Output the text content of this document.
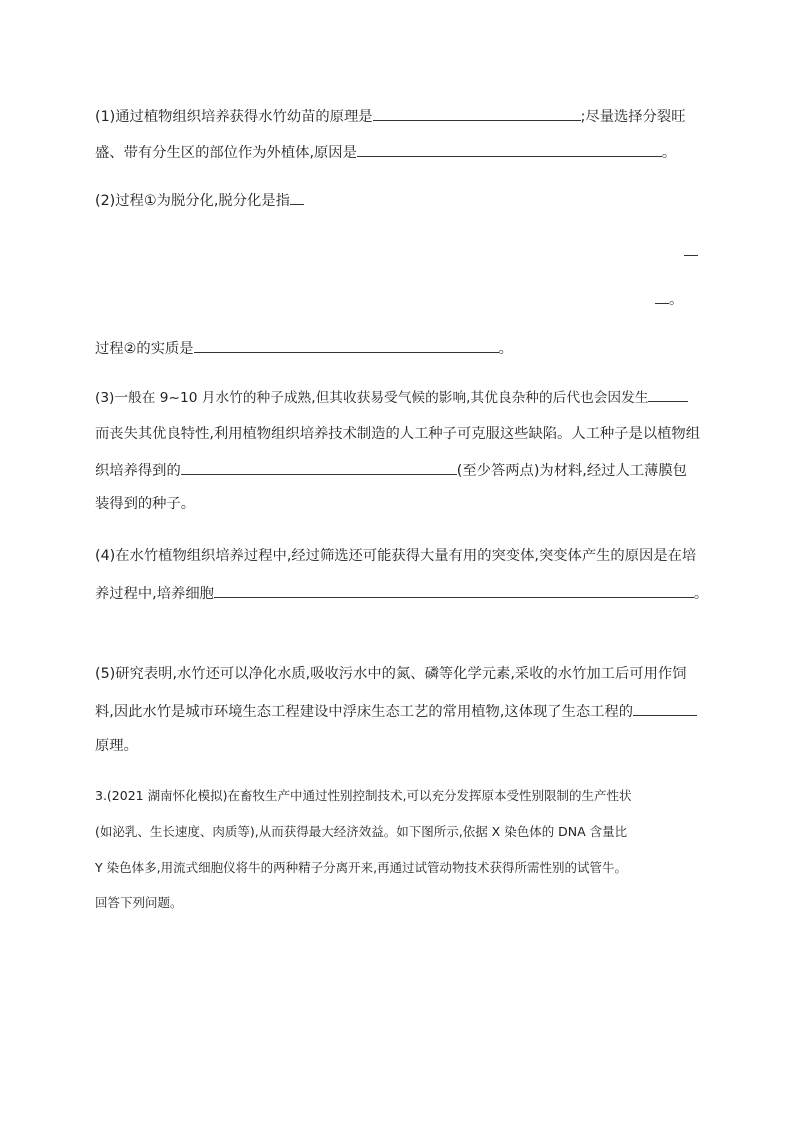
(1)通过植物组织培养获得水竹幼苗的原理是	;尽量选择分裂旺
盛、带有分生区的部位作为外植体,原因是	。
(2)过程①为脱分化,脱分化是指
。
过程②的实质是	。
(3)一般在 9~10 月水竹的种子成熟,但其收获易受气候的影响,其优良杂种的后代也会因发生
而丧失其优良特性,利用植物组织培养技术制造的人工种子可克服这些缺陷。人工种子是以植物组
织培养得到的	(至少答两点)为材料,经过人工薄膜包
装得到的种子。
(4)在水竹植物组织培养过程中,经过筛选还可能获得大量有用的突变体,突变体产生的原因是在培
养过程中,培养细胞	。
(5)研究表明,水竹还可以净化水质,吸收污水中的氮、磷等化学元素,采收的水竹加工后可用作饲
料,因此水竹是城市环境生态工程建设中浮床生态工艺的常用植物,这体现了生态工程的
原理。
3.(2021 湖南怀化模拟)在畜牧生产中通过性别控制技术,可以充分发挥原本受性别限制的生产性状
(如泌乳、生长速度、肉质等),从而获得最大经济效益。如下图所示,依据 X 染色体的 DNA 含量比
Y 染色体多,用流式细胞仪将牛的两种精子分离开来,再通过试管动物技术获得所需性别的试管牛。
回答下列问题。
